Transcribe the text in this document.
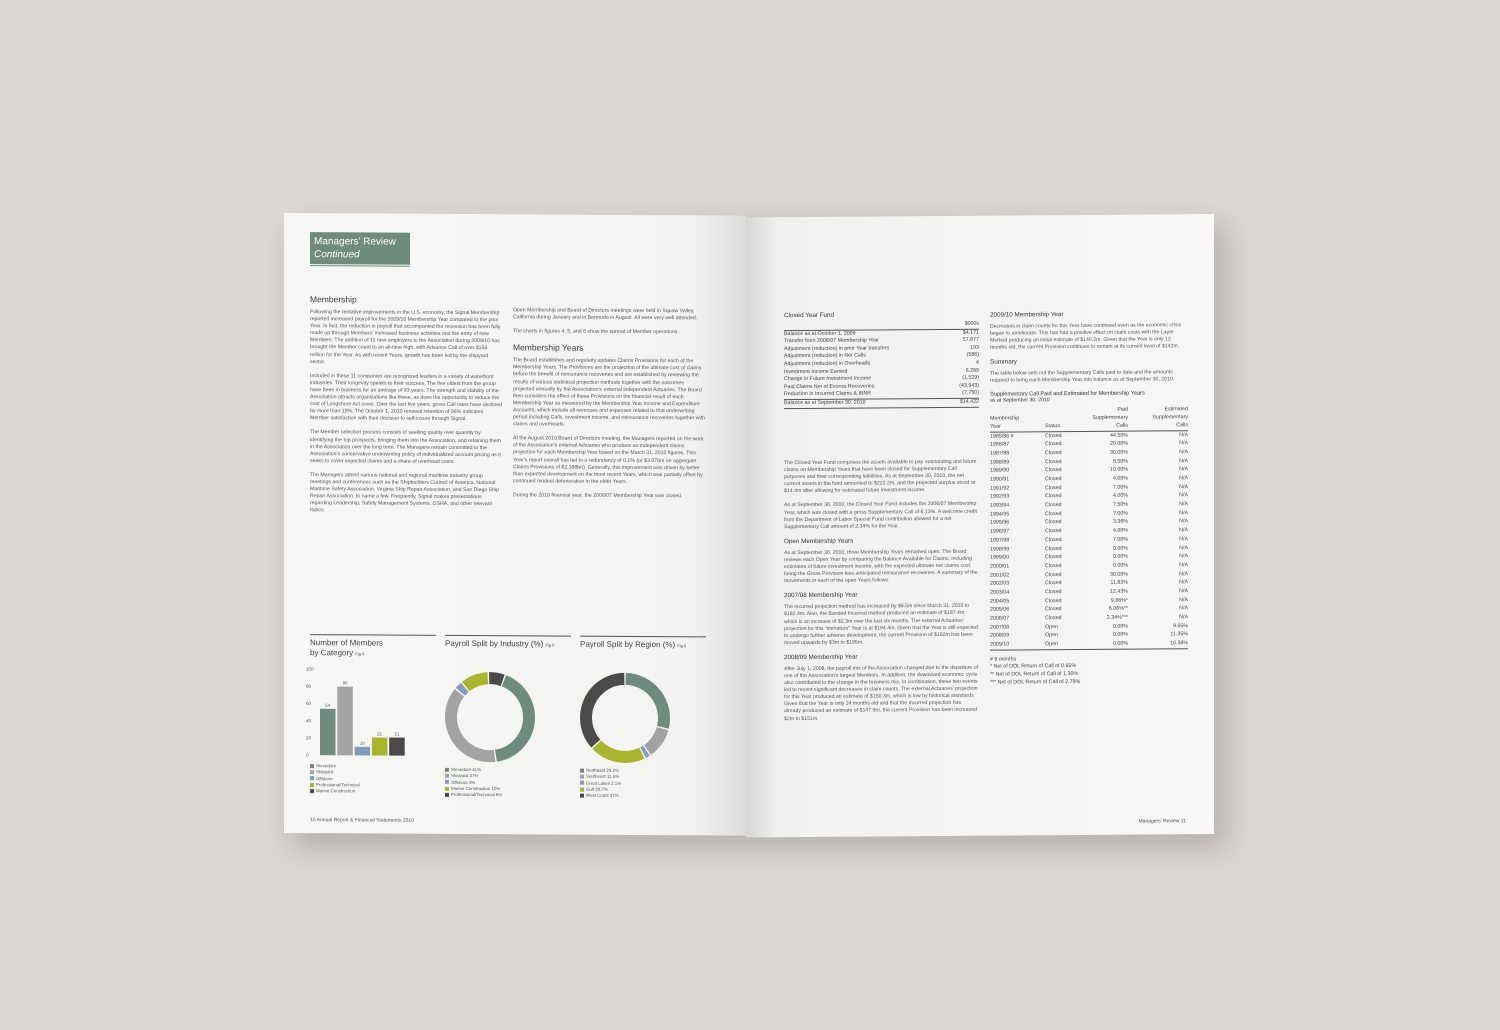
Managers’ Review
Continued
Membership
Following the tentative improvements in the U.S. economy, the Signal Membership reported increased payroll for the 2009/10 Membership Year compared to the prior Year. In fact, the reduction in payroll that accompanied the recession has been fully made up through Members’ increased business activities and the entry of new Members. The addition of 11 new employers to the Association during 2009/10 has brought the Member count to an all-time high, with Advance Call of over $154 million for the Year. As with recent Years, growth has been led by the shipyard sector.
Included in these 11 companies are recognized leaders in a variety of waterfront industries. Their longevity speaks to their success. The five oldest from the group have been in business for an average of 93 years. The strength and stability of the Association attracts organizations like these, as does the opportunity to reduce the cost of Longshore Act cover. Over the last five years, gross Call rates have declined by more than 15%. The October 1, 2010 renewal retention of 96% indicates Member satisfaction with their decision to self-insure through Signal.
The Member selection process consists of seeking quality over quantity by identifying the top prospects, bringing them into the Association, and retaining them in the Association over the long term. The Managers remain committed to the Association’s conservative underwriting policy of individualized account pricing as it seeks to cover expected claims and a share of overhead costs.
The Managers attend various national and regional maritime industry group meetings and conferences such as the Shipbuilders Council of America, National Maritime Safety Association, Virginia Ship Repair Association, and San Diego Ship Repair Association, to name a few. Frequently, Signal makes presentations regarding Leadership, Safety Management Systems, OSHA, and other relevant topics.
Open Membership and Board of Directors meetings were held in Squaw Valley, California during January and in Bermuda in August. All were very well attended.
The charts in figures 4, 5, and 6 show the spread of Member operations.
Membership Years
The Board establishes and regularly updates Claims Provisions for each of the Membership Years. The Provisions are the projection of the ultimate cost of claims before the benefit of reinsurance recoveries and are established by reviewing the results of various statistical projection methods together with the outcomes projected annually by the Association’s external independent Actuaries. The Board then considers the effect of these Provisions on the financial result of each Membership Year as measured by the Membership Year Income and Expenditure Accounts, which include all revenues and expenses related to that underwriting period including Calls, investment income, and reinsurance recoveries together with claims and overheads.
At the August 2010 Board of Directors meeting, the Managers reported on the work of the Association’s external Actuaries who produce an independent claims projection for each Membership Year based on the March 31, 2010 figures. This Year’s report overall has led to a redundancy of 0.1% (or $3.076m on aggregate Claims Provisions of $2.188bn). Generally, this improvement was driven by better than expected development on the most recent Years, which was partially offset by continued modest deterioration in the older Years.
During the 2010 financial year, the 2006/07 Membership Year was closed.
Number of Members
by Category Fig 4
0
20
40
60
80
100
54
80
10
21	21
Stevedore
Shipyard
Offshore
Professional/Technical
Marine Construction
Payroll Split by Industry (%) Fig 5
Stevedore 41%
Shipyard 37%
Offshore 3%
Marine Construction 10%
Professional/Technical 6%
Payroll Split by Region (%) Fig 6
Northeast 29.2%
Southeast 11.5%
Great Lakes 2.1%
Gulf 20.7%
West Coast 37%
10 Annual Report & Financial Statements 2010
Closed Year Fund
$000s
Balance as at October 1, 2009	$4,171
Transfer from 2006/07 Membership Year	57,677
Adjustment (reduction) in prior Year transfers	193
Adjustment (reduction) in Net Calls	(586)
Adjustment (reduction) in Overheads	4
Investment Income Earned	6,289
Change in Future Investment Income	(1,529)
Paid Claims Net of Excess Recoveries	(43,943)
Reduction in Incurred Claims & IBNR	(7,750)
Balance as at September 30, 2010	$14,422
The Closed Year Fund comprises the assets available to pay outstanding and future claims on Membership Years that have been closed for Supplementary Call purposes and their corresponding liabilities. As at September 30, 2010, the net current assets in the fund amounted to $222.2m, and the projected surplus stood at $14.4m after allowing for estimated future investment income.
As at September 30, 2010, the Closed Year Fund includes the 2006/07 Membership Year, which was closed with a gross Supplementary Call of 6.13%. A welcome credit from the Department of Labor Special Fund contribution allowed for a net Supplementary Call amount of 2.34% for the Year.
Open Membership Years
As at September 30, 2010, three Membership Years remained open. The Board reviews each Open Year by comparing the Balance Available for Claims, including estimates of future investment income, with the expected ultimate net claims cost, being the Gross Provision less anticipated reinsurance recoveries. A summary of the movements in each of the open Years follows.
2007/08 Membership Year
The incurred projection method has increased by $8.5m since March 31, 2010 to $182.4m. Also, the Banded Incurred method produced an estimate of $187.4m, which is an increase of $2.3m over the last six months. The external Actuaries’ projection for this “immature” Year is at $194.4m. Given that the Year is still expected to undergo further adverse development, the current Provision of $192m has been moved upwards by $3m to $195m.
2008/09 Membership Year
After July 1, 2008, the payroll mix of the Association changed due to the departure of one of the Association’s largest Members. In addition, the downward economic cycle also contributed to the change in the business mix. In combination, these two events led to recent significant decreases in claim counts. The external Actuaries’ projection for this Year produced an estimate of $150.3m, which is low by historical standards. Given that the Year is only 24 months old and that the incurred projection has already produced an estimate of $147.9m, the current Provision has been increased $2m to $151m.
2009/10 Membership Year
Decreases in claim counts for this Year have continued even as the economic crisis began to ameliorate. This has had a positive effect on claim costs with the Layer Method producing an initial estimate of $140.2m. Given that the Year is only 12 months old, the current Provision continues to remain at its current level of $142m.
Summary
The table below sets out the Supplementary Calls paid to date and the amounts required to bring each Membership Year into balance as at September 30, 2010.
Supplementary Call Paid and Estimated for Membership Years
as at September 30, 2010
Membership
Year	Status
Paid
Supplementary
Calls
Estimated
Supplementary
Calls
1985/86 #	Closed	44.50%	N/A
1986/87	Closed	20.00%	N/A
1987/88	Closed	30.00%	N/A
1988/89	Closed	8.50%	N/A
1989/90	Closed	10.00%	N/A
1990/91	Closed	4.00%	N/A
1991/92	Closed	7.00%	N/A
1992/93	Closed	4.00%	N/A
1993/94	Closed	7.50%	N/A
1994/95	Closed	7.00%	N/A
1995/96	Closed	3.36%	N/A
1996/97	Closed	4.00%	N/A
1997/98	Closed	7.00%	N/A
1998/99	Closed	0.00%	N/A
1999/00	Closed	0.00%	N/A
2000/01	Closed	0.00%	N/A
2001/02	Closed	30.00%	N/A
2002/03	Closed	11.82%	N/A
2003/04	Closed	12.43%	N/A
2004/05	Closed	9.66%*	N/A
2005/06	Closed	6.06%**	N/A
2006/07	Closed	2.34%***	N/A
2007/08	Open	0.00%	9.65%
2008/09	Open	0.00%	11.35%
2009/10	Open	0.00%	10.38%
# 9 months
* Net of DOL Return of Call of 0.65%
** Net of DOL Return of Call of 1.30%
*** Net of DOL Return of Call of 2.79%
Managers’ Review 11
